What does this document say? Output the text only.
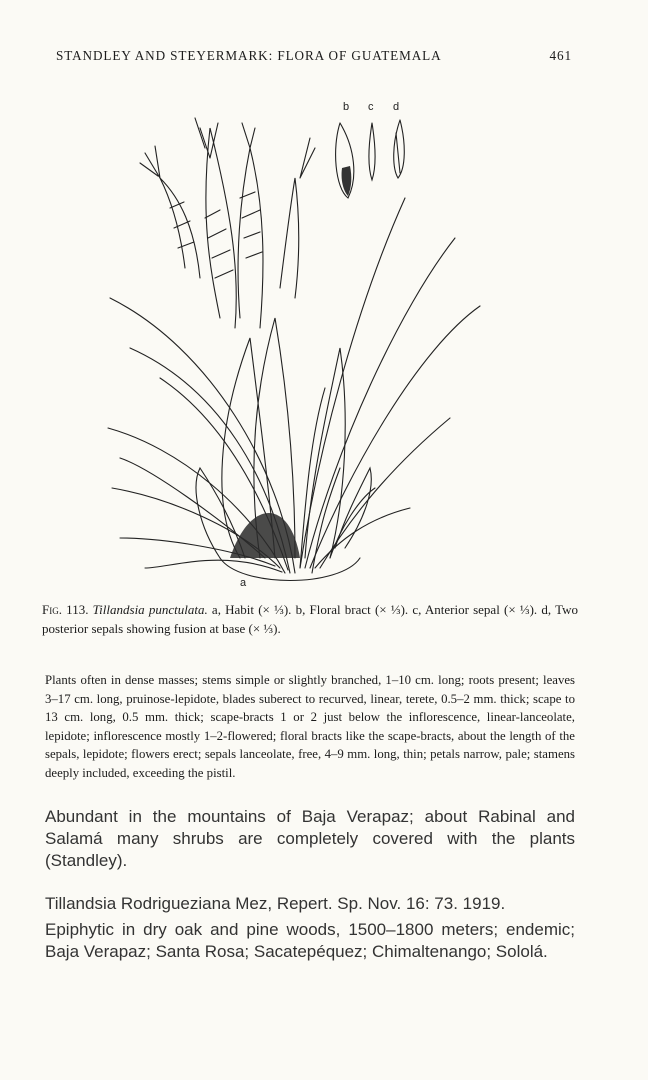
STANDLEY AND STEYERMARK: FLORA OF GUATEMALA	461
b c d
a
Fig. 113. Tillandsia punctulata. a, Habit (× ⅓). b, Floral bract (× ⅓). c, Anterior sepal (× ⅓). d, Two posterior sepals showing fusion at base (× ⅓).
Plants often in dense masses; stems simple or slightly branched, 1–10 cm. long; roots present; leaves 3–17 cm. long, pruinose-lepidote, blades suberect to recurved, linear, terete, 0.5–2 mm. thick; scape to 13 cm. long, 0.5 mm. thick; scape-bracts 1 or 2 just below the inflorescence, linear-lanceolate, lepidote; inflorescence mostly 1–2-flowered; floral bracts like the scape-bracts, about the length of the sepals, lepidote; flowers erect; sepals lanceolate, free, 4–9 mm. long, thin; petals narrow, pale; stamens deeply included, exceeding the pistil.
Abundant in the mountains of Baja Verapaz; about Rabinal and Salamá many shrubs are completely covered with the plants (Standley).
Tillandsia Rodrigueziana Mez, Repert. Sp. Nov. 16: 73. 1919.
Epiphytic in dry oak and pine woods, 1500–1800 meters; endemic; Baja Verapaz; Santa Rosa; Sacatepéquez; Chimaltenango; Sololá.
